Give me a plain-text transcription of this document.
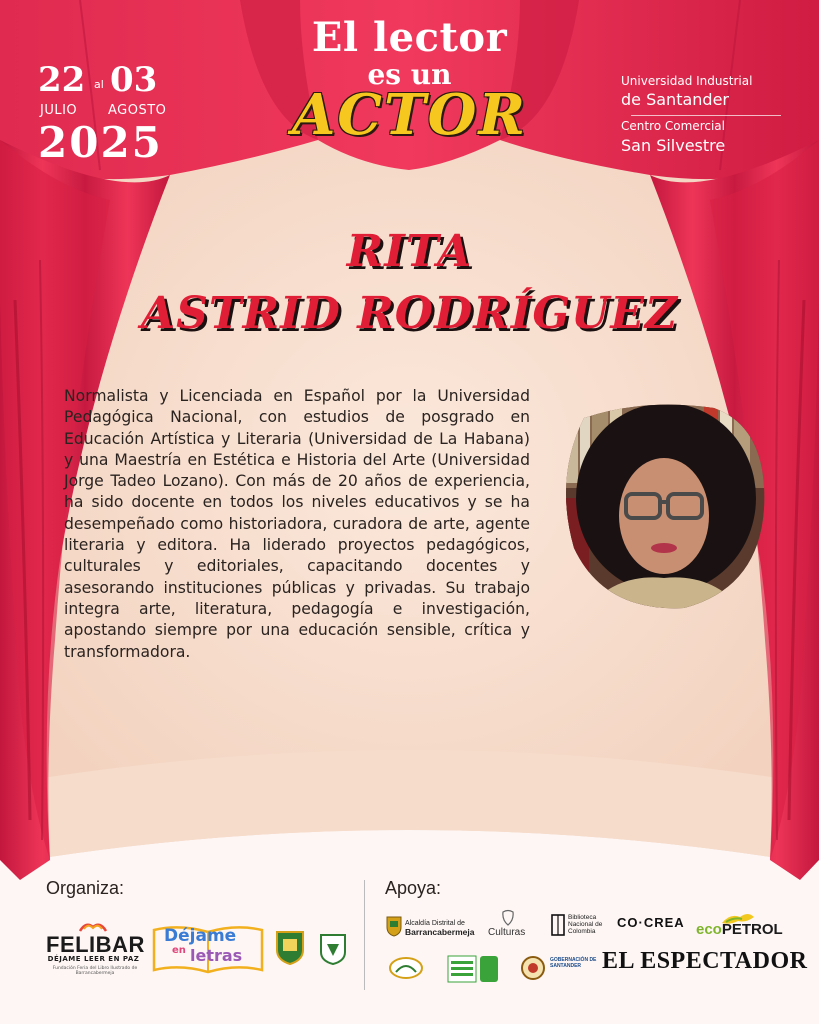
El lector
es un
ACTOR
22 al 03
JULIO AGOSTO
2025
Universidad Industrial
de Santander
Centro Comercial
San Silvestre
RITA
ASTRID RODRÍGUEZ

Normalista y Licenciada en Español por la Universidad Pedagógica Nacional, con estudios de posgrado en Educación Artística y Literaria (Universidad de La Habana) y una Maestría en Estética e Historia del Arte (Universidad Jorge Tadeo Lozano). Con más de 20 años de experiencia, ha sido docente en todos los niveles educativos y se ha desempeñado como historiadora, curadora de arte, agente literaria y editora. Ha liderado proyectos pedagógicos, culturales y editoriales, capacitando docentes y asesorando instituciones públicas y privadas. Su trabajo integra arte, literatura, pedagogía e investigación, apostando siempre por una educación sensible, crítica y transformadora.

Organiza:	Apoya:
FELIBAR
DÉJAME LEER EN PAZ
Fundación Feria del Libro Ilustrado de Barrancabermeja
Déjame
en letras
Alcaldía Distrital de
Barrancabermeja Culturas
Biblioteca
Nacional de
Colombia
CO·CREA ecoPETROL
GOBERNACIÓN DE
SANTANDER EL ESPECTADOR
